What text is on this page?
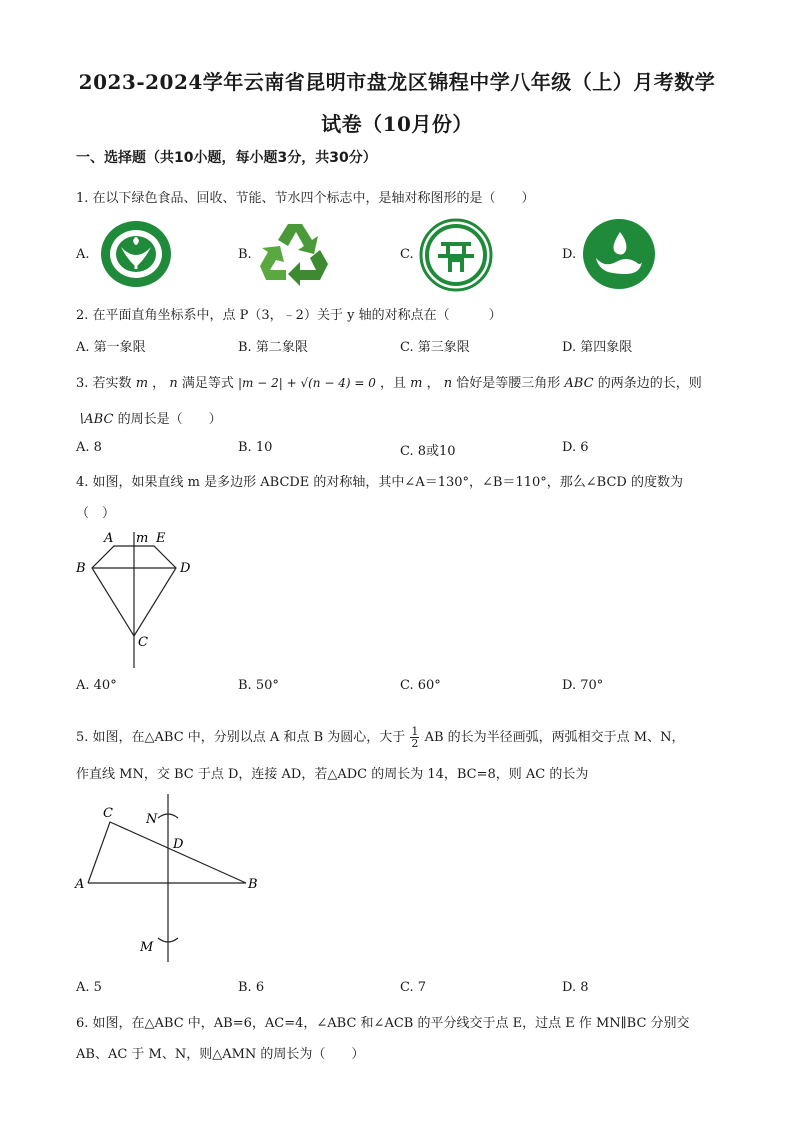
2023-2024学年云南省昆明市盘龙区锦程中学八年级（上）月考数学
试卷（10月份）
一、选择题（共10小题，每小题3分，共30分）
1. 在以下绿色食品、回收、节能、节水四个标志中，是轴对称图形的是（　　）
A.	B.	C.	D.
2. 在平面直角坐标系中，点 P（3，﹣2）关于 y 轴的对称点在（　　　）
A. 第一象限	B. 第二象限	C. 第三象限	D. 第四象限
3. 若实数 m ， n 满足等式 |m − 2| + √(n − 4) = 0 ，且 m ， n 恰好是等腰三角形 ABC 的两条边的长，则
∖ABC 的周长是（　　）
A. 8	B. 10	C. 8或10	D. 6
4. 如图，如果直线 m 是多边形 ABCDE 的对称轴，其中∠A＝130°，∠B＝110°，那么∠BCD 的度数为
（　）
A m E
B	D
C
A. 40°	B. 50°	C. 60°	D. 70°
5. 如图，在△ABC 中，分别以点 A 和点 B 为圆心，大于 $\frac{1}{2}$ AB 的长为半径画弧，两弧相交于点 M、N，
作直线 MN，交 BC 于点 D，连接 AD，若△ADC 的周长为 14，BC=8，则 AC 的长为
C	N
D
A	B
M
A. 5	B. 6	C. 7	D. 8
6. 如图，在△ABC 中，AB=6，AC=4，∠ABC 和∠ACB 的平分线交于点 E，过点 E 作 MN∥BC 分别交
AB、AC 于 M、N，则△AMN 的周长为（　　）
